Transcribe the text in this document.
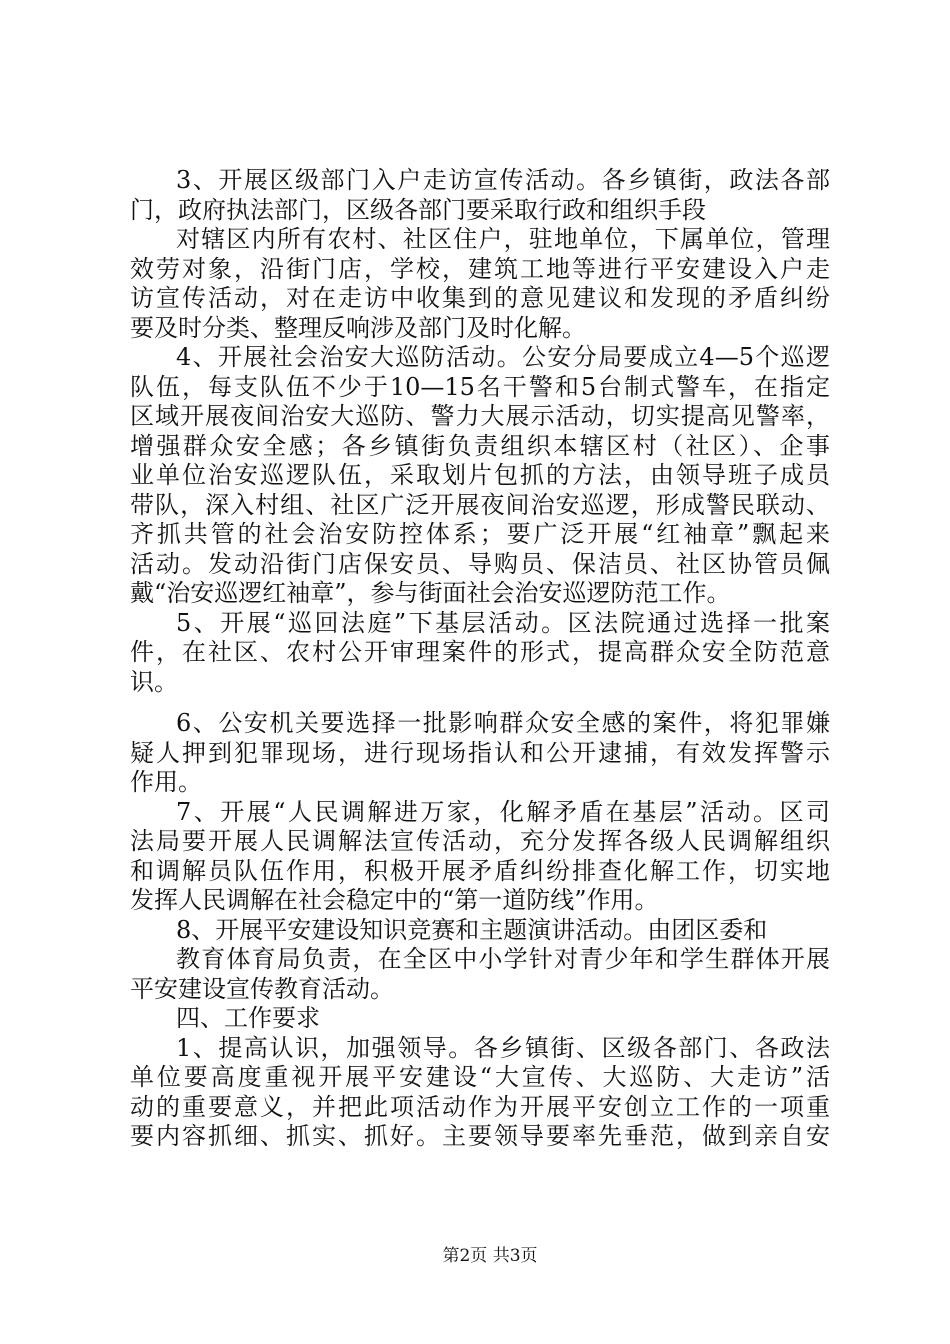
3、开展区级部门入户走访宣传活动。各乡镇街，政法各部
门，政府执法部门，区级各部门要采取行政和组织手段
对辖区内所有农村、社区住户，驻地单位，下属单位，管理
效劳对象，沿街门店，学校，建筑工地等进行平安建设入户走
访宣传活动，对在走访中收集到的意见建议和发现的矛盾纠纷
要及时分类、整理反响涉及部门及时化解。
4、开展社会治安大巡防活动。公安分局要成立4—5个巡逻
队伍，每支队伍不少于10—15名干警和5台制式警车，在指定
区域开展夜间治安大巡防、警力大展示活动，切实提高见警率，
增强群众安全感；各乡镇街负责组织本辖区村（社区）、企事
业单位治安巡逻队伍，采取划片包抓的方法，由领导班子成员
带队，深入村组、社区广泛开展夜间治安巡逻，形成警民联动、
齐抓共管的社会治安防控体系；要广泛开展“红袖章”飘起来
活动。发动沿街门店保安员、导购员、保洁员、社区协管员佩
戴“治安巡逻红袖章”，参与街面社会治安巡逻防范工作。
5、开展“巡回法庭”下基层活动。区法院通过选择一批案
件，在社区、农村公开审理案件的形式，提高群众安全防范意
识。
6、公安机关要选择一批影响群众安全感的案件，将犯罪嫌
疑人押到犯罪现场，进行现场指认和公开逮捕，有效发挥警示
作用。
7、开展“人民调解进万家，化解矛盾在基层”活动。区司
法局要开展人民调解法宣传活动，充分发挥各级人民调解组织
和调解员队伍作用，积极开展矛盾纠纷排查化解工作，切实地
发挥人民调解在社会稳定中的“第一道防线”作用。
8、开展平安建设知识竞赛和主题演讲活动。由团区委和
教育体育局负责，在全区中小学针对青少年和学生群体开展
平安建设宣传教育活动。
四、工作要求
1、提高认识，加强领导。各乡镇街、区级各部门、各政法
单位要高度重视开展平安建设“大宣传、大巡防、大走访”活
动的重要意义，并把此项活动作为开展平安创立工作的一项重
要内容抓细、抓实、抓好。主要领导要率先垂范，做到亲自安
第2页 共3页
